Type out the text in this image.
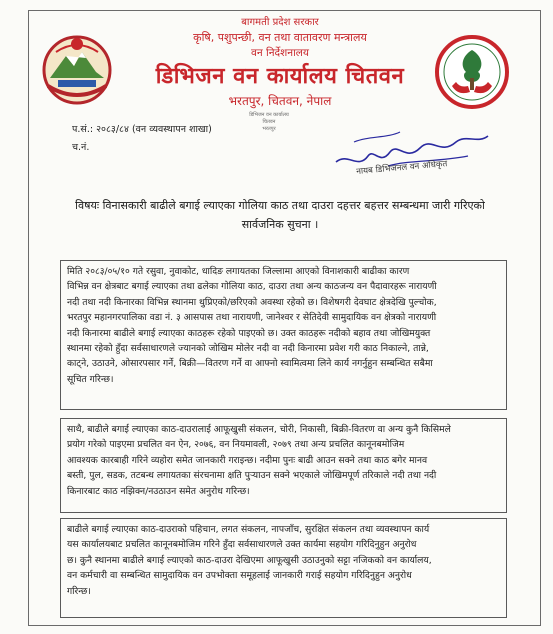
बागमती प्रदेश सरकार
कृषि, पशुपन्छी, वन तथा वातावरण मन्त्रालय
वन निर्देशनालय
डिभिजन वन कार्यालय चितवन
भरतपुर, चितवन, नेपाल
प.सं.: २०८३/८४ (वन व्यवस्थापन शाखा)
च.नं.
डिभिजन वन कार्यालय
चितवन
भरतपुर
नायब डिभिजनल वन अधिकृत
विषयः विनासकारी बाढीले बगाई ल्याएका गोलिया काठ तथा दाउरा दहत्तर बहत्तर सम्बन्धमा जारी गरिएको सार्वजनिक सुचना ।
मिति २०८३/०५/१० गते रसुवा, नुवाकोट, धादिङ लगायतका जिल्लामा आएको विनाशकारी बाढीका कारण
विभिन्न वन क्षेत्रबाट बगाई ल्याएका तथा ढलेका गोलिया काठ, दाउरा तथा अन्य काठजन्य वन पैदावारहरू नारायणी
नदी तथा नदी किनारका विभिन्न स्थानमा थुप्रिएको/छरिएको अवस्था रहेको छ। विशेषगरी देवघाट क्षेत्रदेखि पुल्चोक,
भरतपुर महानगरपालिका वडा नं. ३ आसपास तथा नारायणी, जानेश्वर र सेतिदेवी सामुदायिक वन क्षेत्रको नारायणी
नदी किनारमा बाढीले बगाई ल्याएका काठहरू रहेको पाइएको छ। उक्त काठहरू नदीको बहाव तथा जोखिमयुक्त
स्थानमा रहेको हुँदा सर्वसाधारणले ज्यानको जोखिम मोलेर नदी वा नदी किनारमा प्रवेश गरी काठ निकाल्ने, तान्ने,
काट्ने, उठाउने, ओसारपसार गर्ने, बिक्री—वितरण गर्ने वा आफ्नो स्वामित्वमा लिने कार्य नगर्नुहुन सम्बन्धित सबैमा
सूचित गरिन्छ।
साथै, बाढीले बगाई ल्याएका काठ-दाउरालाई आफूखुसी संकलन, चोरी, निकासी, बिक्री-वितरण वा अन्य कुनै किसिमले
प्रयोग गरेको पाइएमा प्रचलित वन ऐन, २०७६, वन नियमावली, २०७९ तथा अन्य प्रचलित कानूनबमोजिम
आवश्यक कारबाही गरिने व्यहोरा समेत जानकारी गराइन्छ। नदीमा पुनः बाढी आउन सक्ने तथा काठ बगेर मानव
बस्ती, पुल, सडक, तटबन्ध लगायतका संरचनामा क्षति पुऱ्याउन सक्ने भएकाले जोखिमपूर्ण तरिकाले नदी तथा नदी
किनारबाट काठ नझिक्न/नउठाउन समेत अनुरोध गरिन्छ।
बाढीले बगाई ल्याएका काठ-दाउराको पहिचान, लगत संकलन, नापजाँच, सुरक्षित संकलन तथा व्यवस्थापन कार्य
यस कार्यालयबाट प्रचलित कानूनबमोजिम गरिने हुँदा सर्वसाधारणले उक्त कार्यमा सहयोग गरिदिनुहुन अनुरोध
छ। कुनै स्थानमा बाढीले बगाई ल्याएको काठ-दाउरा देखिएमा आफूखुसी उठाउनुको सट्टा नजिकको वन कार्यालय,
वन कर्मचारी वा सम्बन्धित सामुदायिक वन उपभोक्ता समूहलाई जानकारी गराई सहयोग गरिदिनुहुन अनुरोध
गरिन्छ।
